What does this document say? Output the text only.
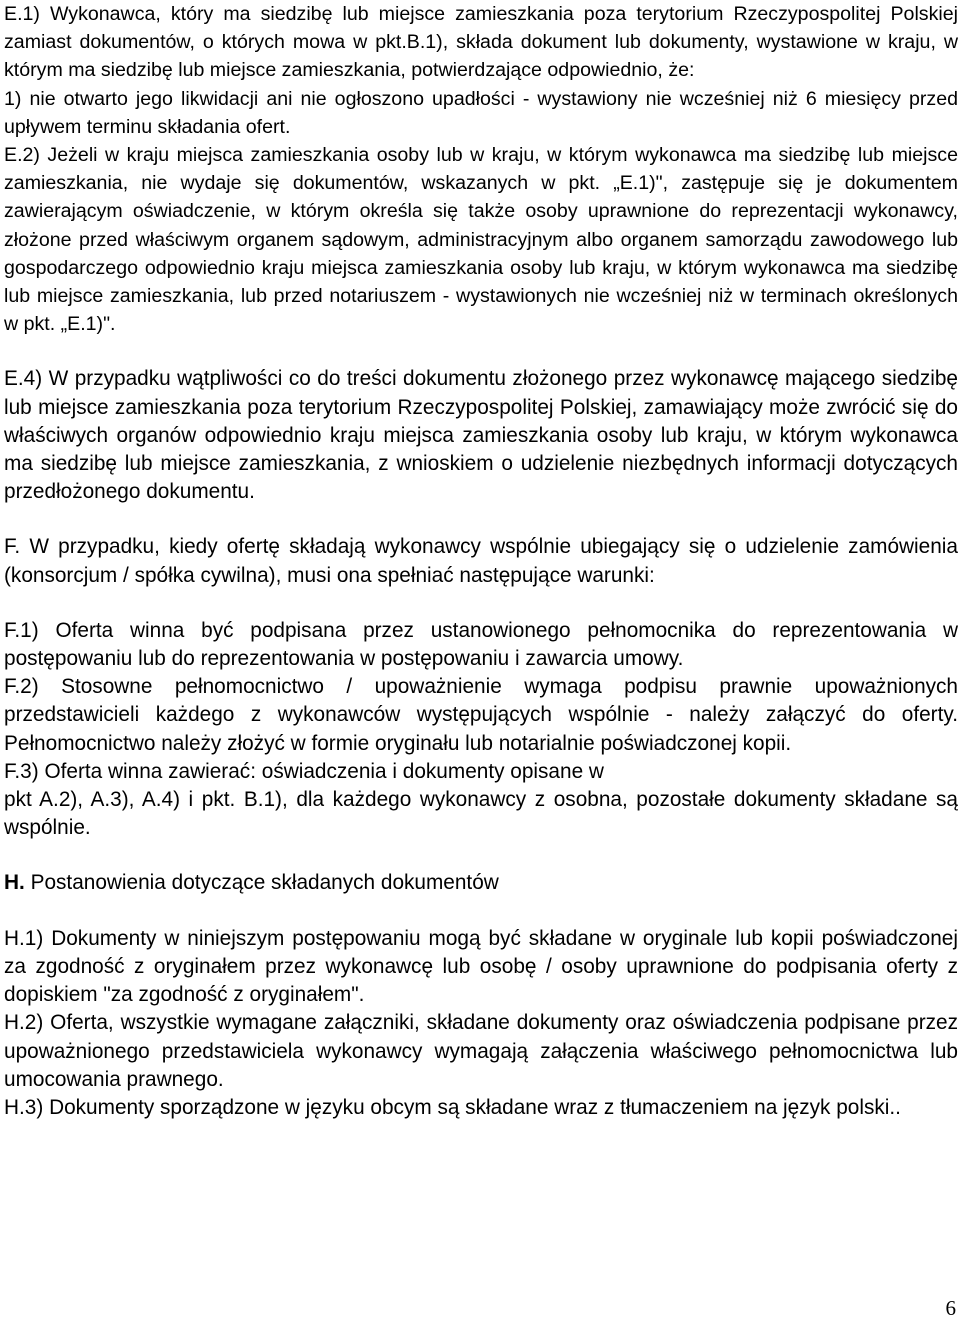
E.1) Wykonawca, który ma siedzibę lub miejsce zamieszkania poza terytorium Rzeczypospolitej Polskiej zamiast dokumentów, o których mowa w pkt.B.1), składa dokument lub dokumenty, wystawione w kraju, w którym ma siedzibę lub miejsce zamieszkania, potwierdzające odpowiednio, że:

1) nie otwarto jego likwidacji ani nie ogłoszono upadłości - wystawiony nie wcześniej niż 6 miesięcy przed upływem terminu składania ofert.

E.2) Jeżeli w kraju miejsca zamieszkania osoby lub w kraju, w którym wykonawca ma siedzibę lub miejsce zamieszkania, nie wydaje się dokumentów, wskazanych w pkt. „E.1)", zastępuje się je dokumentem zawierającym oświadczenie, w którym określa się także osoby uprawnione do reprezentacji wykonawcy, złożone przed właściwym organem sądowym, administracyjnym albo organem samorządu zawodowego lub gospodarczego odpowiednio kraju miejsca zamieszkania osoby lub kraju, w którym wykonawca ma siedzibę lub miejsce zamieszkania, lub przed notariuszem - wystawionych nie wcześniej niż w terminach określonych w pkt. „E.1)".

E.4) W przypadku wątpliwości co do treści dokumentu złożonego przez wykonawcę mającego siedzibę lub miejsce zamieszkania poza terytorium Rzeczypospolitej Polskiej, zamawiający może zwrócić się do właściwych organów odpowiednio kraju miejsca zamieszkania osoby lub kraju, w którym wykonawca ma siedzibę lub miejsce zamieszkania, z wnioskiem o udzielenie niezbędnych informacji dotyczących przedłożonego dokumentu.

F. W przypadku, kiedy ofertę składają wykonawcy wspólnie ubiegający się o udzielenie zamówienia (konsorcjum / spółka cywilna), musi ona spełniać następujące warunki:

F.1) Oferta winna być podpisana przez ustanowionego pełnomocnika do reprezentowania w postępowaniu lub do reprezentowania w postępowaniu i zawarcia umowy.

F.2) Stosowne pełnomocnictwo / upoważnienie wymaga podpisu prawnie upoważnionych przedstawicieli każdego z wykonawców występujących wspólnie - należy załączyć do oferty. Pełnomocnictwo należy złożyć w formie oryginału lub notarialnie poświadczonej kopii.

F.3) Oferta winna zawierać: oświadczenia i dokumenty opisane w

pkt A.2), A.3), A.4) i pkt. B.1), dla każdego wykonawcy z osobna, pozostałe dokumenty składane są wspólnie.

H. Postanowienia dotyczące składanych dokumentów

H.1) Dokumenty w niniejszym postępowaniu mogą być składane w oryginale lub kopii poświadczonej za zgodność z oryginałem przez wykonawcę lub osobę / osoby uprawnione do podpisania oferty z dopiskiem "za zgodność z oryginałem".

H.2) Oferta, wszystkie wymagane załączniki, składane dokumenty oraz oświadczenia podpisane przez upoważnionego przedstawiciela wykonawcy wymagają załączenia właściwego pełnomocnictwa lub umocowania prawnego.

H.3) Dokumenty sporządzone w języku obcym są składane wraz z tłumaczeniem na język polski..

6
